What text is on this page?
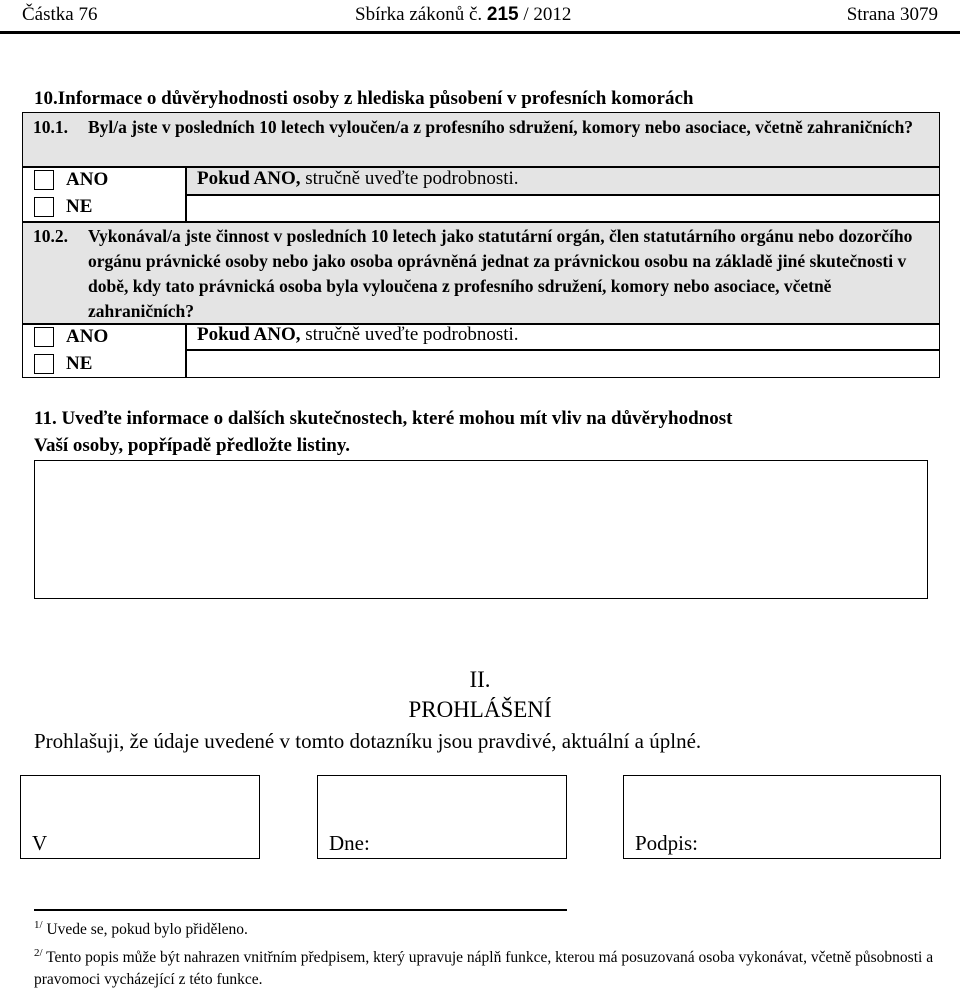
Částka 76	Sbírka zákonů č. 215 / 2012	Strana 3079
10.Informace o důvěryhodnosti osoby z hlediska působení v profesních komorách
10.1. Byl/a jste v posledních 10 letech vyloučen/a z profesního sdružení, komory nebo asociace, včetně zahraničních?
ANO
NE
Pokud ANO, stručně uveďte podrobnosti.
10.2. Vykonával/a jste činnost v posledních 10 letech jako statutární orgán, člen statutárního orgánu nebo dozorčího orgánu právnické osoby nebo jako osoba oprávněná jednat za právnickou osobu na základě jiné skutečnosti v době, kdy tato právnická osoba byla vyloučena z profesního sdružení, komory nebo asociace, včetně zahraničních?
ANO
NE
Pokud ANO, stručně uveďte podrobnosti.
11. Uveďte informace o dalších skutečnostech, které mohou mít vliv na důvěryhodnost
Vaší osoby, popřípadě předložte listiny.
II.
PROHLÁŠENÍ
Prohlašuji, že údaje uvedené v tomto dotazníku jsou pravdivé, aktuální a úplné.
V	Dne:	Podpis:
$^{1/}$ Uvede se, pokud bylo přiděleno.
$^{2/}$ Tento popis může být nahrazen vnitřním předpisem, který upravuje náplň funkce, kterou má posuzovaná osoba vykonávat, včetně působnosti a pravomoci vycházející z této funkce.
